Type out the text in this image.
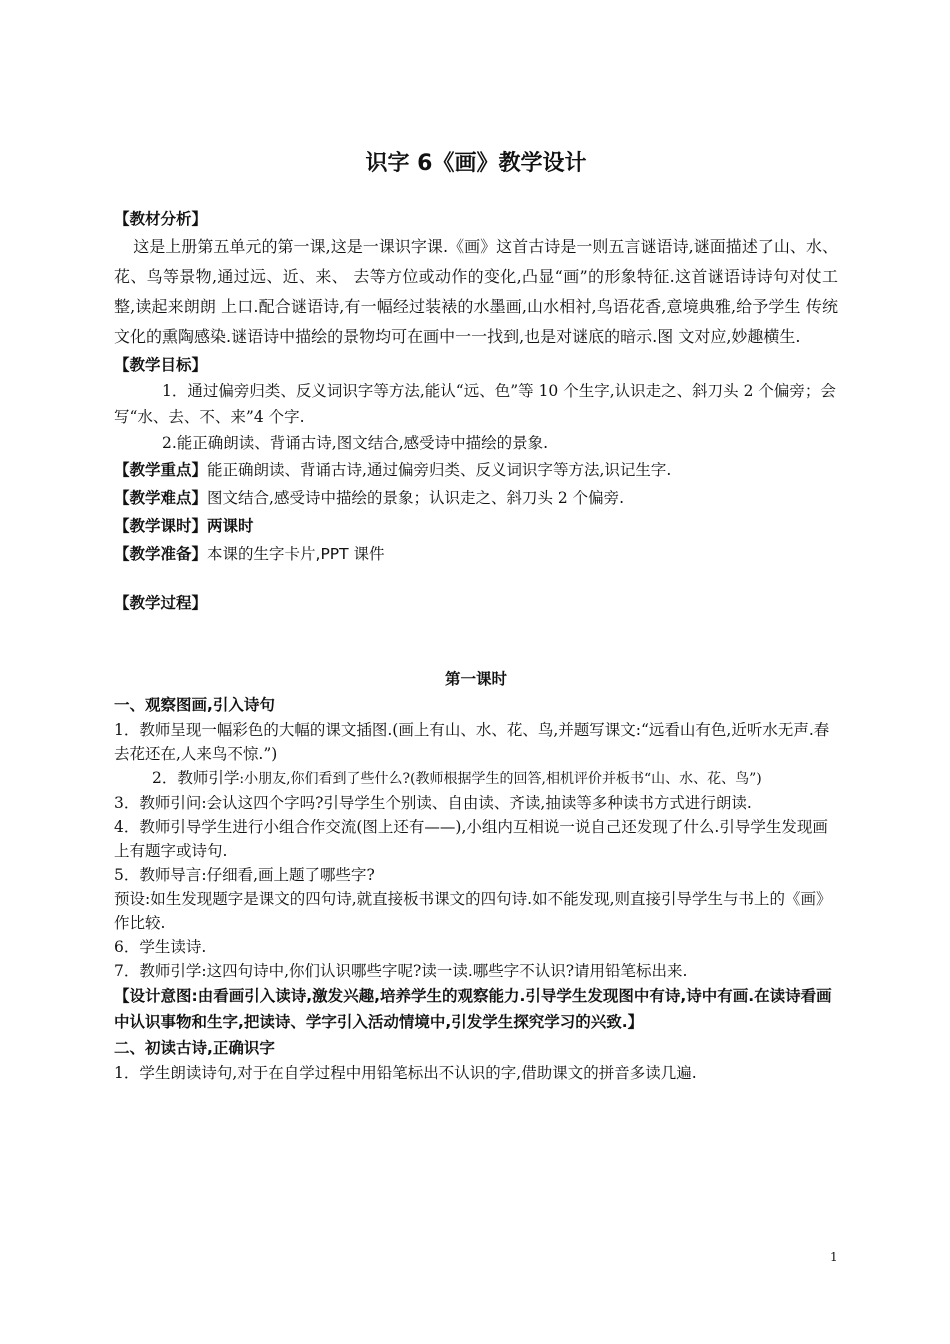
识字 6《画》教学设计

【教材分析】

这是上册第五单元的第一课,这是一课识字课.《画》这首古诗是一则五言谜语诗,谜面描述了山、水、花、鸟等景物,通过远、近、来、 去等方位或动作的变化,凸显“画”的形象特征.这首谜语诗诗句对仗工整,读起来朗朗 上口.配合谜语诗,有一幅经过装裱的水墨画,山水相衬,鸟语花香,意境典雅,给予学生 传统文化的熏陶感染.谜语诗中描绘的景物均可在画中一一找到,也是对谜底的暗示.图 文对应,妙趣横生.

【教学目标】

1．通过偏旁归类、反义词识字等方法,能认“远、色”等 10 个生字,认识走之、斜刀头 2 个偏旁；会写“水、去、不、来”4 个字.

2.能正确朗读、背诵古诗,图文结合,感受诗中描绘的景象.

【教学重点】能正确朗读、背诵古诗,通过偏旁归类、反义词识字等方法,识记生字.

【教学难点】图文结合,感受诗中描绘的景象；认识走之、斜刀头 2 个偏旁.

【教学课时】两课时

【教学准备】本课的生字卡片,PPT 课件

【教学过程】

第一课时

一、观察图画,引入诗句

1．教师呈现一幅彩色的大幅的课文插图.(画上有山、水、花、鸟,并题写课文:“远看山有色,近听水无声.春去花还在,人来鸟不惊.”)

2．教师引学:小朋友,你们看到了些什么?(教师根据学生的回答,相机评价并板书“山、水、花、鸟”)

3．教师引问:会认这四个字吗?引导学生个别读、自由读、齐读,抽读等多种读书方式进行朗读.

4．教师引导学生进行小组合作交流(图上还有——),小组内互相说一说自己还发现了什么.引导学生发现画上有题字或诗句.

5．教师导言:仔细看,画上题了哪些字?

预设:如生发现题字是课文的四句诗,就直接板书课文的四句诗.如不能发现,则直接引导学生与书上的《画》作比较.

6．学生读诗.

7．教师引学:这四句诗中,你们认识哪些字呢?读一读.哪些字不认识?请用铅笔标出来.

【设计意图:由看画引入读诗,激发兴趣,培养学生的观察能力.引导学生发现图中有诗,诗中有画.在读诗看画中认识事物和生字,把读诗、学字引入活动情境中,引发学生探究学习的兴致.】

二、初读古诗,正确识字

1．学生朗读诗句,对于在自学过程中用铅笔标出不认识的字,借助课文的拼音多读几遍.

1
